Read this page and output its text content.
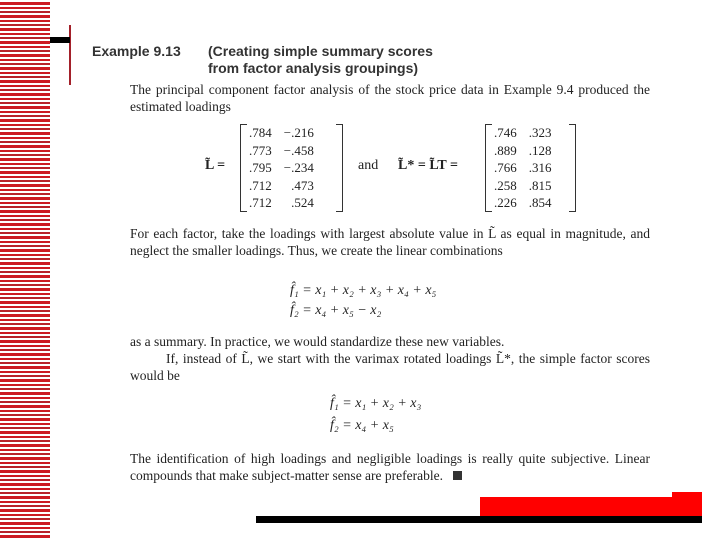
Example 9.13 (Creating simple summary scores
from factor analysis groupings)
The principal component factor analysis of the stock price data in Example 9.4 produced the estimated loadings
L̃ =
.784	−.216
.773	−.458
.795	−.234
.712	.473
.712	.524
and L̃* = L̃T =
.746	.323
.889	.128
.766	.316
.258	.815
.226	.854
For each factor, take the loadings with largest absolute value in L̃ as equal in magnitude, and neglect the smaller loadings. Thus, we create the linear combinations
f̂₁ = x₁ + x₂ + x₃ + x₄ + x₅
f̂₂ = x₄ + x₅ − x₂
as a summary. In practice, we would standardize these new variables.
If, instead of L̃, we start with the varimax rotated loadings L̃*, the simple factor scores would be
f̂₁ = x₁ + x₂ + x₃
f̂₂ = x₄ + x₅
The identification of high loadings and negligible loadings is really quite subjective. Linear compounds that make subject-matter sense are preferable.
